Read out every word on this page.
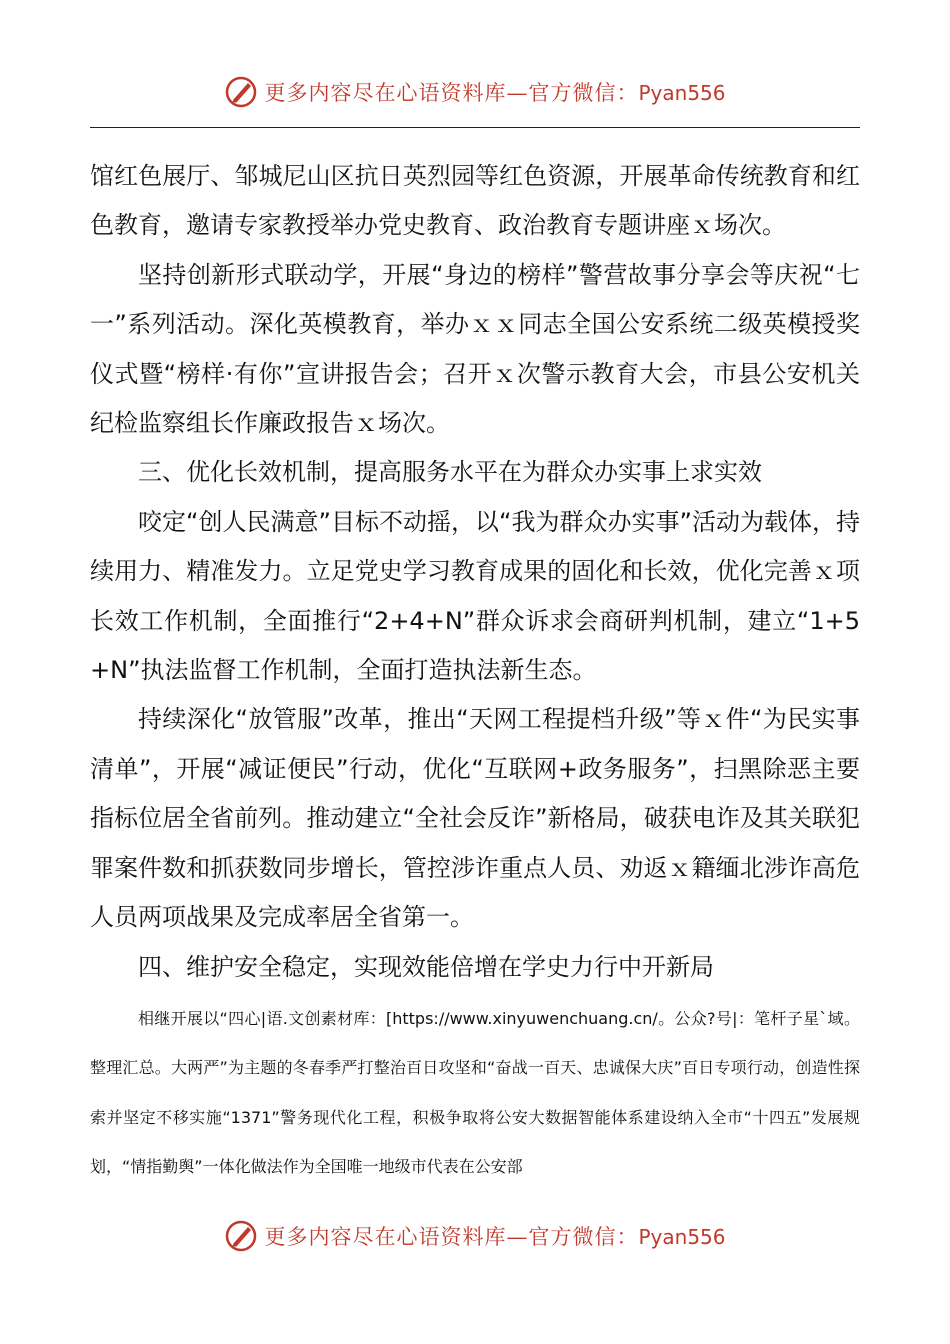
更多内容尽在心语资料库—官方微信：Pyan556

馆红色展厅、邹城尼山区抗日英烈园等红色资源，开展革命传统教育和红色教育，邀请专家教授举办党史教育、政治教育专题讲座ｘ场次。

坚持创新形式联动学，开展“身边的榜样”警营故事分享会等庆祝“七一”系列活动。深化英模教育，举办ｘｘ同志全国公安系统二级英模授奖仪式暨“榜样·有你”宣讲报告会；召开ｘ次警示教育大会，市县公安机关纪检监察组长作廉政报告ｘ场次。

三、优化长效机制，提高服务水平在为群众办实事上求实效

咬定“创人民满意”目标不动摇，以“我为群众办实事”活动为载体，持续用力、精准发力。立足党史学习教育成果的固化和长效，优化完善ｘ项长效工作机制，全面推行“2+4+N”群众诉求会商研判机制，建立“1+5+N”执法监督工作机制，全面打造执法新生态。

持续深化“放管服”改革，推出“天网工程提档升级”等ｘ件“为民实事清单”，开展“减证便民”行动，优化“互联网+政务服务”，扫黑除恶主要指标位居全省前列。推动建立“全社会反诈”新格局，破获电诈及其关联犯罪案件数和抓获数同步增长，管控涉诈重点人员、劝返ｘ籍缅北涉诈高危人员两项战果及完成率居全省第一。

四、维护安全稳定，实现效能倍增在学史力行中开新局

相继开展以“四心|语.文创素材库：[https://www.xinyuwenchuang.cn/。公众?号|：笔杆子星`域。整理汇总。大两严”为主题的冬春季严打整治百日攻坚和“奋战一百天、忠诚保大庆”百日专项行动，创造性探索并坚定不移实施“1371”警务现代化工程，积极争取将公安大数据智能体系建设纳入全市“十四五”发展规划，“情指勤舆”一体化做法作为全国唯一地级市代表在公安部

更多内容尽在心语资料库—官方微信：Pyan556
